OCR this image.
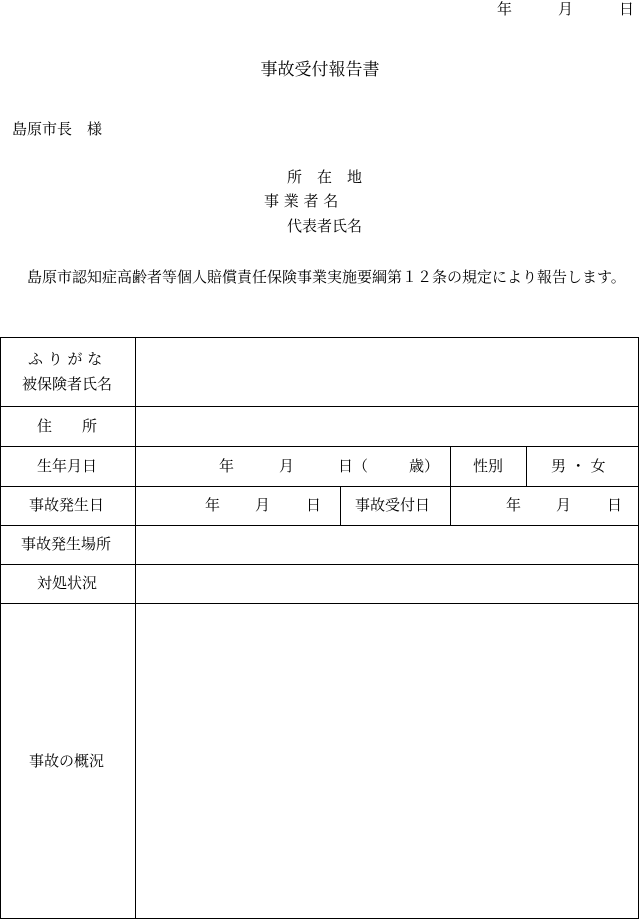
年	月	日
事故受付報告書
島原市長　様
所　在　地
事 業 者 名
代表者氏名
島原市認知症高齢者等個人賠償責任保険事業実施要綱第１２条の規定により報告します。
ふ り が な
被保険者氏名
住　　所
生年月日	年	月	日（	歳） 性別	男 ・ 女
事故発生日	年 月 日 事故受付日	年 月 日
事故発生場所
対処状況
事故の概況
